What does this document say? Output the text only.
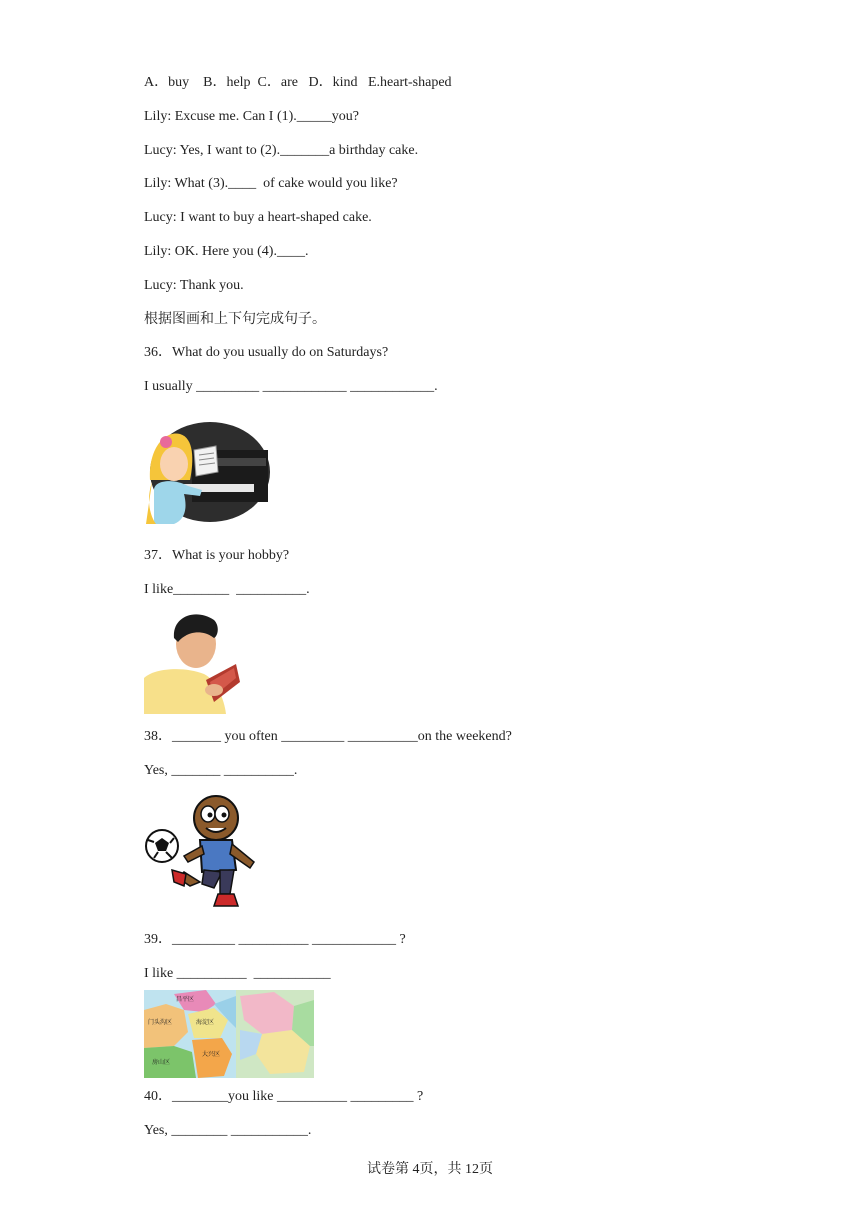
A．buy    B．help  C．are   D．kind   E.heart-shaped
Lily: Excuse me. Can I (1)._____you?
Lucy: Yes, I want to (2)._______a birthday cake.
Lily: What (3).____  of cake would you like?
Lucy: I want to buy a heart-shaped cake.
Lily: OK. Here you (4).____.
Lucy: Thank you.
根据图画和上下句完成句子。
36．What do you usually do on Saturdays?
I usually _________ ____________ ____________.
37．What is your hobby?
I like________  __________.
38．_______ you often _________ __________on the weekend?
Yes, _______ __________.
39．_________ __________ ____________ ?
I like __________  ___________
昌平区
门头沟区
房山区
大兴区
海淀区
40．________you like __________ _________ ?
Yes, ________ ___________.
试卷第 4页，共 12页
